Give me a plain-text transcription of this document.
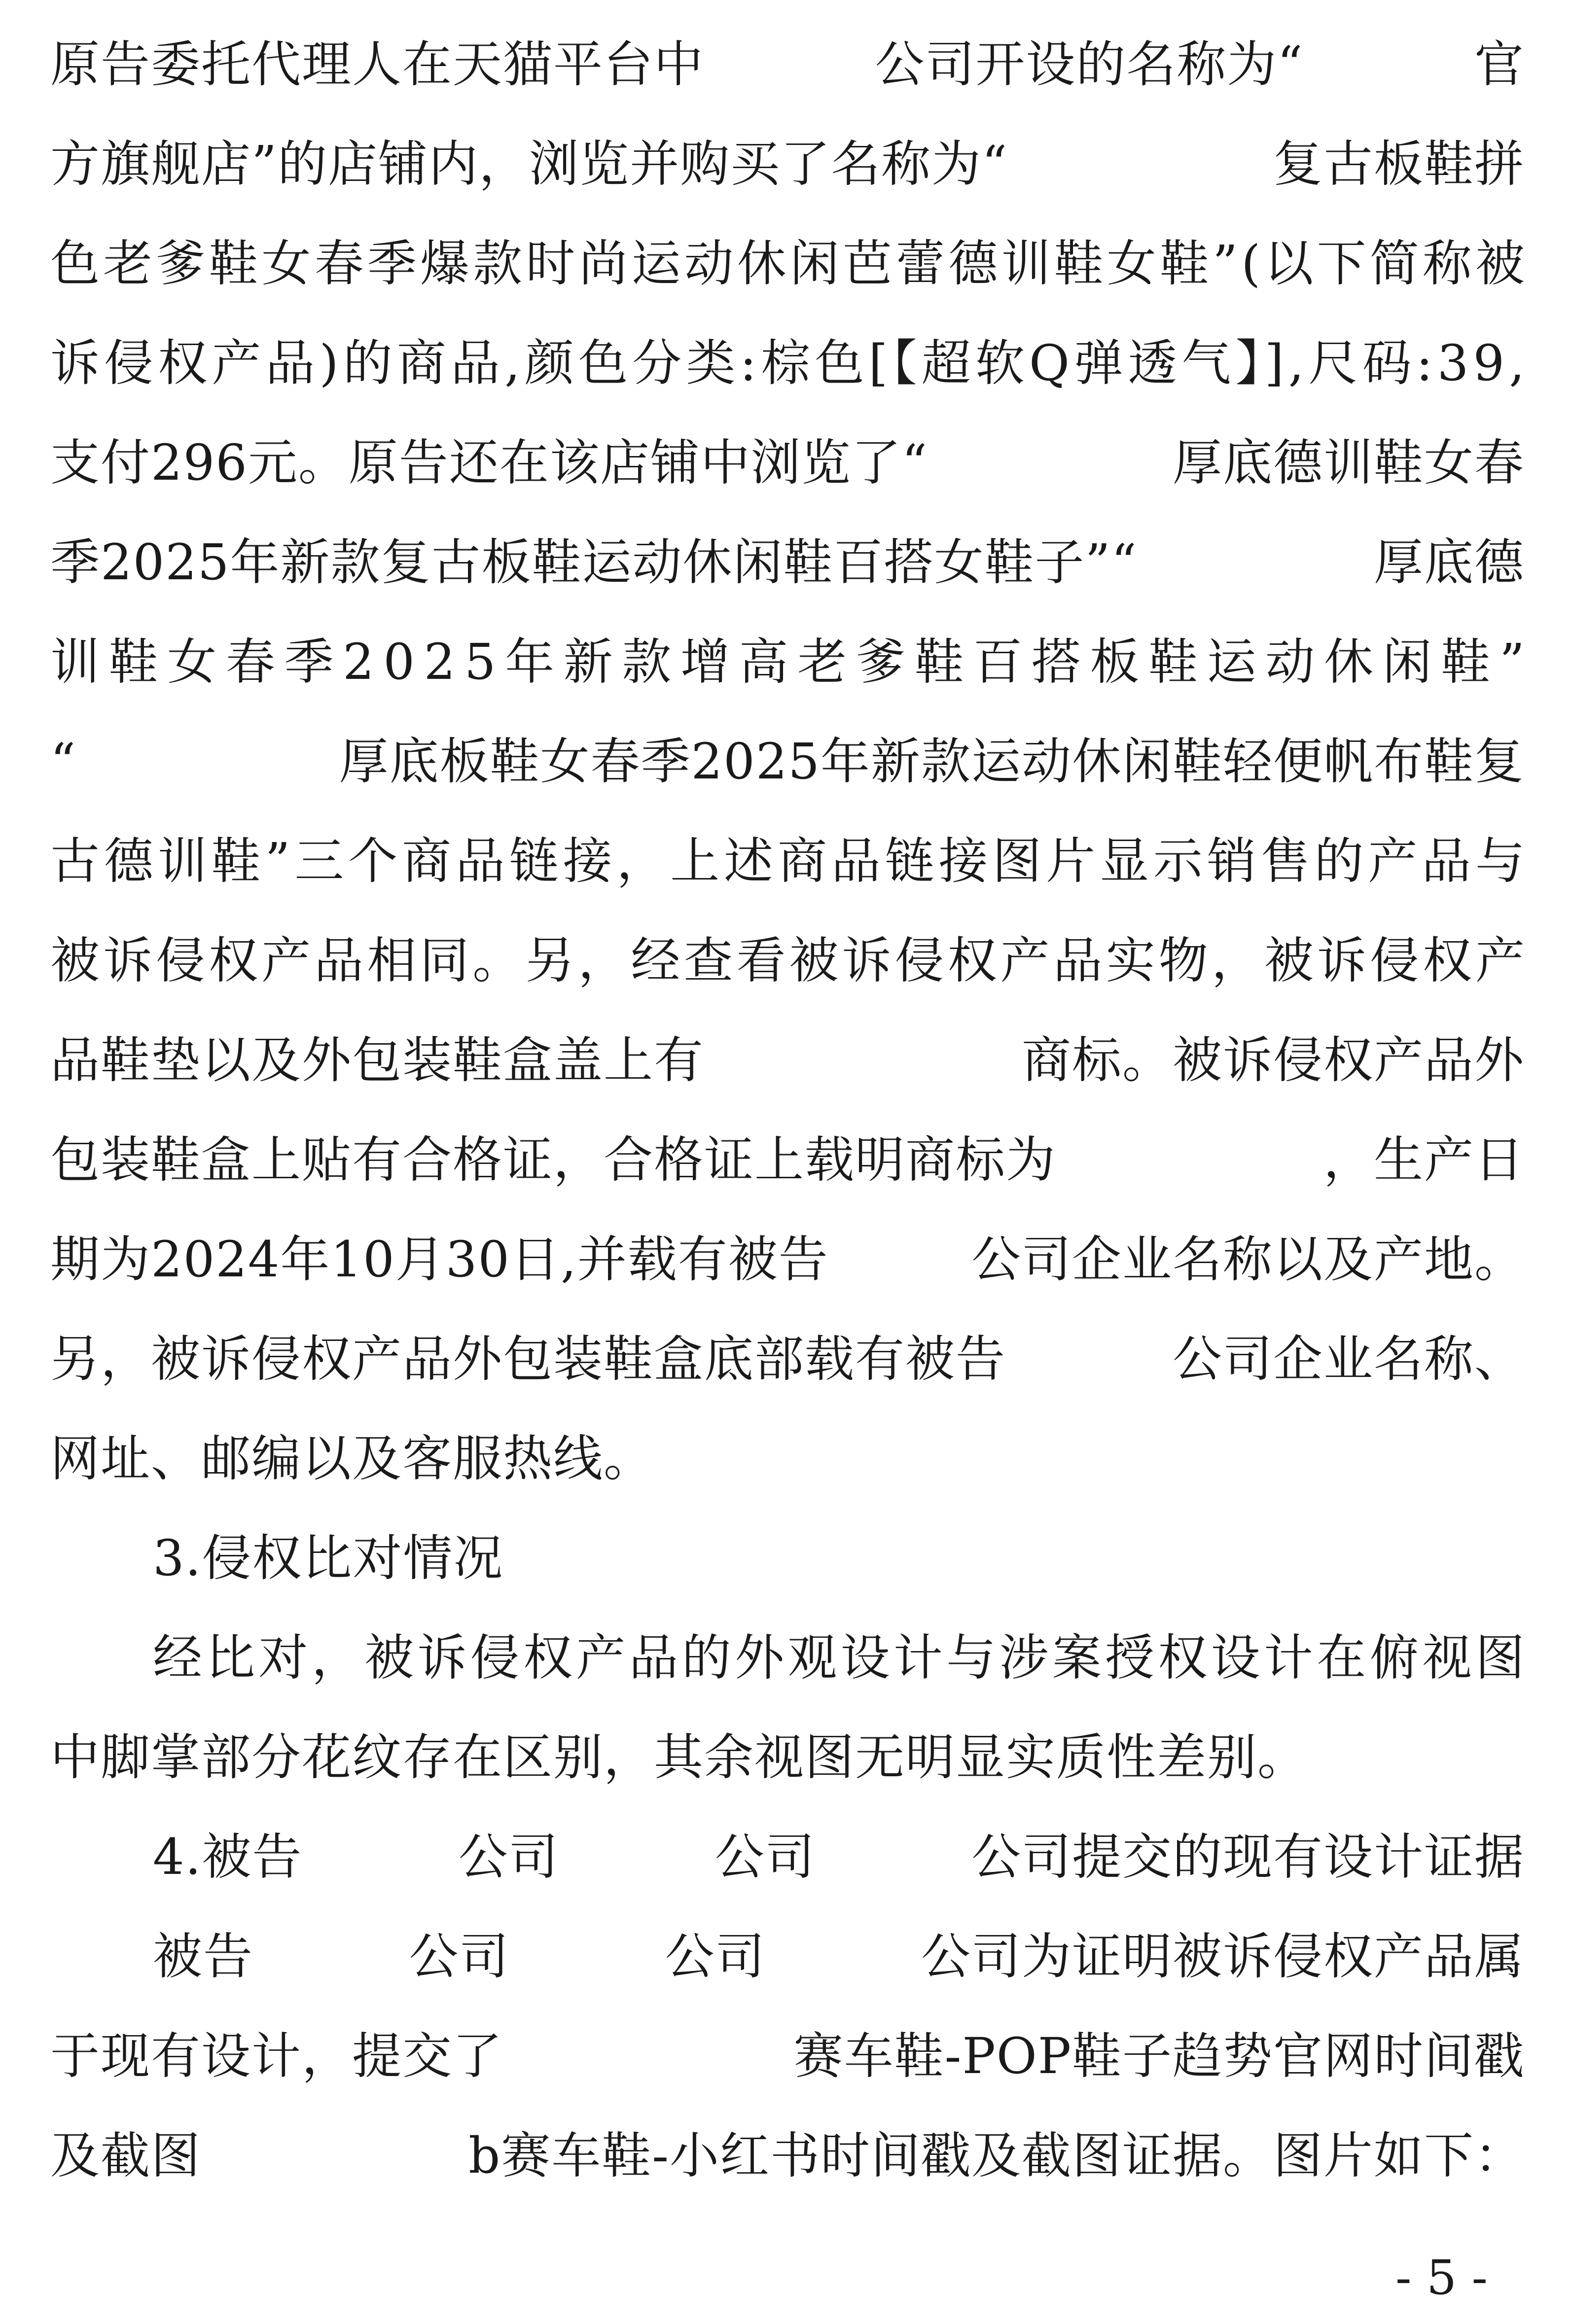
原告委托代理人在天猫平台中	公司开设的名称为“	官
方旗舰店”的店铺内，浏览并购买了名称为“	复古板鞋拼
色老爹鞋女春季爆款时尚运动休闲芭蕾德训鞋女鞋”(以下简称被
诉侵权产品)的商品,颜色分类:棕色[【超软Q弹透气】],尺码:39,
支付296元。原告还在该店铺中浏览了“	厚底德训鞋女春
季2025年新款复古板鞋运动休闲鞋百搭女鞋子”“	厚底德
训鞋女春季2025年新款增高老爹鞋百搭板鞋运动休闲鞋”
“	厚底板鞋女春季2025年新款运动休闲鞋轻便帆布鞋复
古德训鞋”三个商品链接，上述商品链接图片显示销售的产品与
被诉侵权产品相同。另，经查看被诉侵权产品实物，被诉侵权产
品鞋垫以及外包装鞋盒盖上有	商标。被诉侵权产品外
包装鞋盒上贴有合格证，合格证上载明商标为	，生产日
期为2024年10月30日,并载有被告	公司企业名称以及产地。
另，被诉侵权产品外包装鞋盒底部载有被告	公司企业名称、
网址、邮编以及客服热线。
3.侵权比对情况
经比对，被诉侵权产品的外观设计与涉案授权设计在俯视图
中脚掌部分花纹存在区别，其余视图无明显实质性差别。
4.被告	公司	公司	公司提交的现有设计证据
被告	公司	公司	公司为证明被诉侵权产品属
于现有设计，提交了	赛车鞋-POP鞋子趋势官网时间戳
及截图	b赛车鞋-小红书时间戳及截图证据。图片如下：
- 5 -
